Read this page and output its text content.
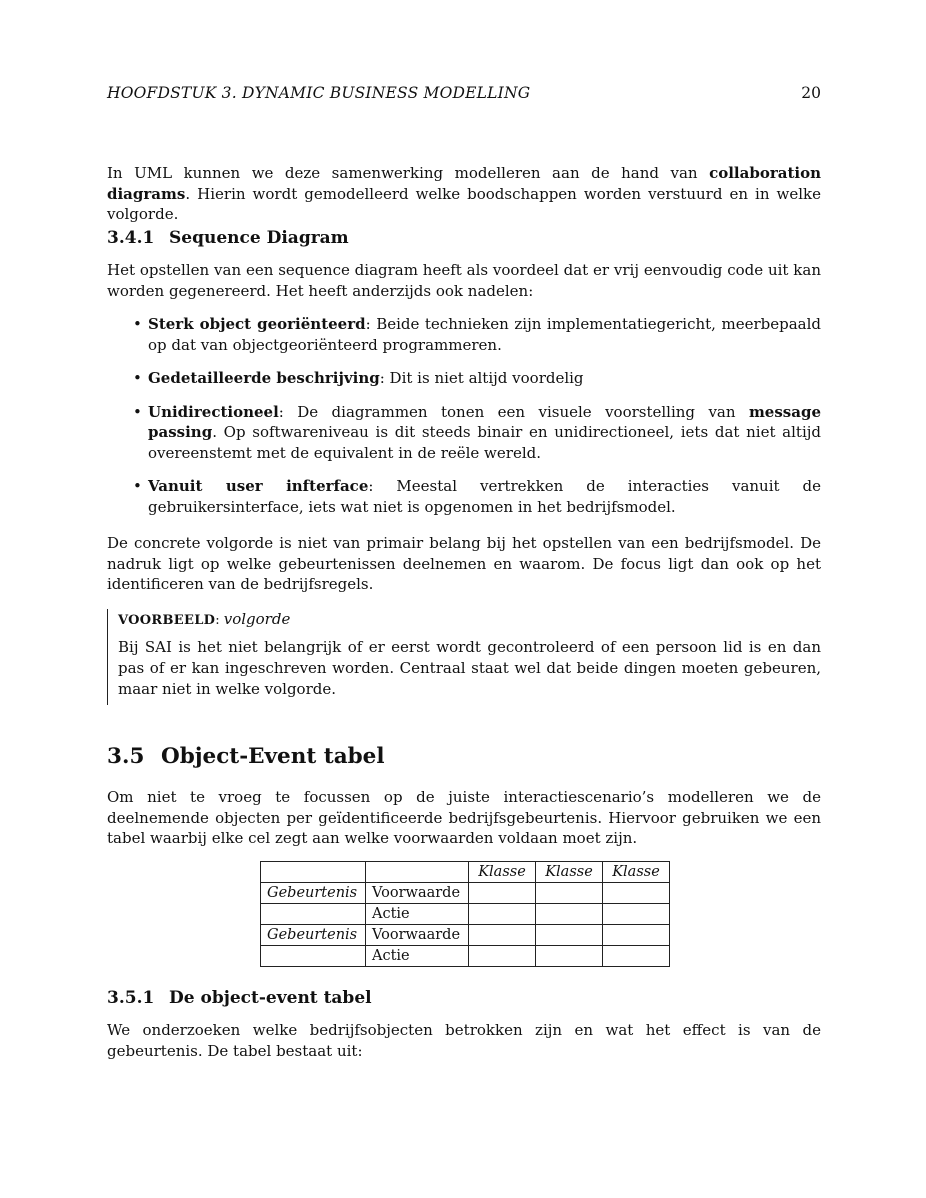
HOOFDSTUK 3. DYNAMIC BUSINESS MODELLING	20

In UML kunnen we deze samenwerking modelleren aan de hand van collaboration diagrams. Hierin wordt gemodelleerd welke boodschappen worden verstuurd en in welke volgorde.

3.4.1 Sequence Diagram

Het opstellen van een sequence diagram heeft als voordeel dat er vrij eenvoudig code uit kan worden gegenereerd. Het heeft anderzijds ook nadelen:

• Sterk object georiënteerd: Beide technieken zijn implementatiegericht, meerbepaald op dat van objectgeoriënteerd programmeren.
• Gedetailleerde beschrijving: Dit is niet altijd voordelig
• Unidirectioneel: De diagrammen tonen een visuele voorstelling van message passing. Op softwareniveau is dit steeds binair en unidirectioneel, iets dat niet altijd overeenstemt met de equivalent in de reële wereld.
• Vanuit user infterface: Meestal vertrekken de interacties vanuit de gebruikersinterface, iets wat niet is opgenomen in het bedrijfsmodel.

De concrete volgorde is niet van primair belang bij het opstellen van een bedrijfsmodel. De nadruk ligt op welke gebeurtenissen deelnemen en waarom. De focus ligt dan ook op het identificeren van de bedrijfsregels.

VOORBEELD: volgorde

Bij SAI is het niet belangrijk of er eerst wordt gecontroleerd of een persoon lid is en dan pas of er kan ingeschreven worden. Centraal staat wel dat beide dingen moeten gebeuren, maar niet in welke volgorde.

3.5 Object-Event tabel

Om niet te vroeg te focussen op de juiste interactiescenario’s modelleren we de deelnemende objecten per geïdentificeerde bedrijfsgebeurtenis. Hiervoor gebruiken we een tabel waarbij elke cel zegt aan welke voorwaarden voldaan moet zijn.

		Klasse	Klasse	Klasse
Gebeurtenis	Voorwaarde			
	Actie			
Gebeurtenis	Voorwaarde			
	Actie			
3.5.1 De object-event tabel

We onderzoeken welke bedrijfsobjecten betrokken zijn en wat het effect is van de gebeurtenis. De tabel bestaat uit:
